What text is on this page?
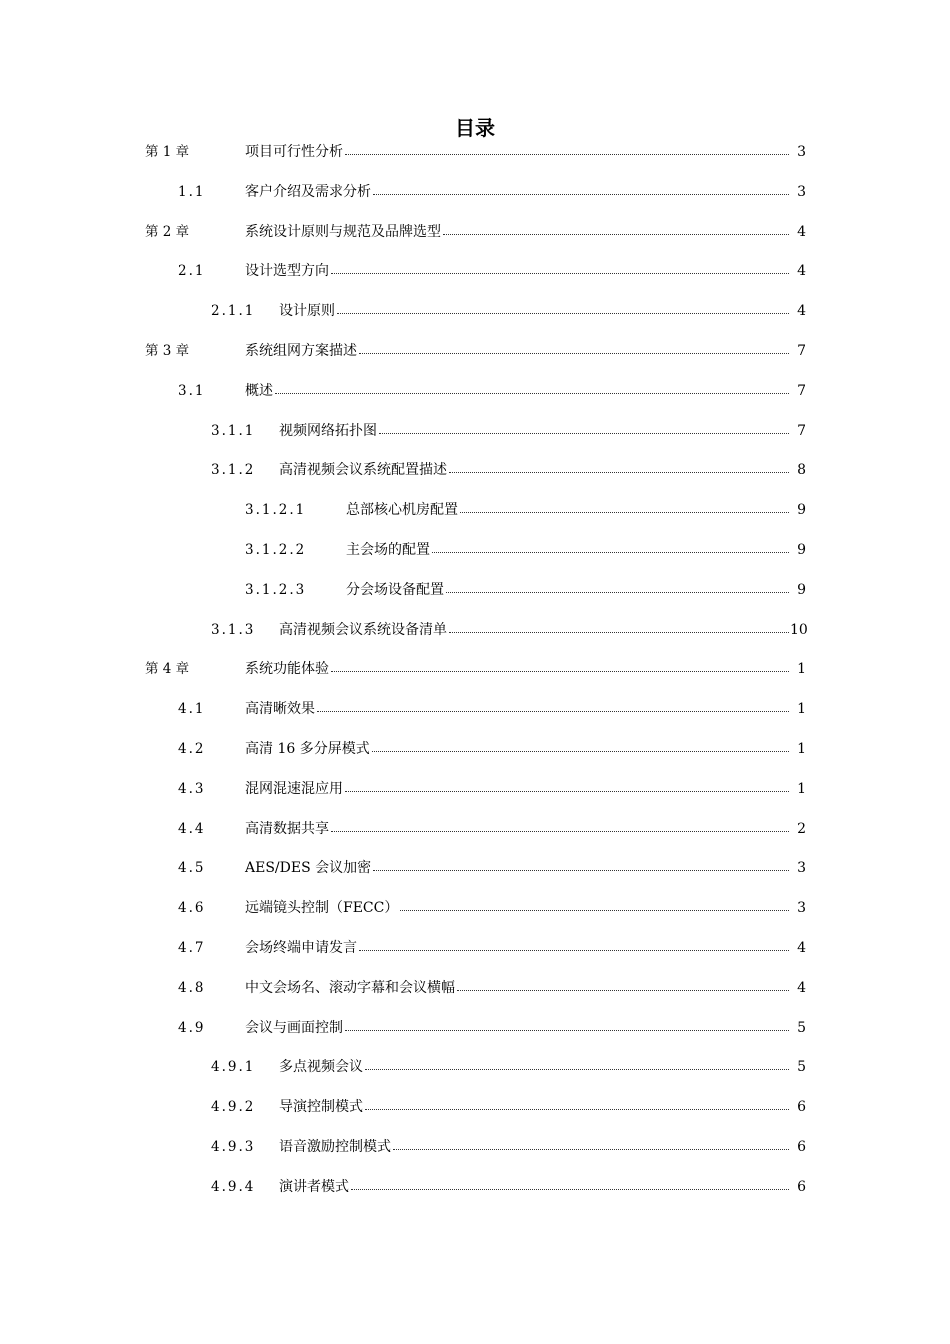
目录
第 1 章	项目可行性分析	3
1.1	客户介绍及需求分析	3
第 2 章	系统设计原则与规范及品牌选型	4
2.1	设计选型方向	4
2.1.1 设计原则	4
第 3 章	系统组网方案描述	7
3.1	概述	7
3.1.1 视频网络拓扑图	7
3.1.2 高清视频会议系统配置描述	8
3.1.2.1	总部核心机房配置	9
3.1.2.2	主会场的配置	9
3.1.2.3	分会场设备配置	9
3.1.3 高清视频会议系统设备清单	10
第 4 章	系统功能体验	1
4.1	高清晰效果	1
4.2	高清 16 多分屏模式	1
4.3	混网混速混应用	1
4.4	高清数据共享	2
4.5	AES/DES 会议加密	3
4.6	远端镜头控制（FECC）	3
4.7	会场终端申请发言	4
4.8	中文会场名、滚动字幕和会议横幅	4
4.9	会议与画面控制	5
4.9.1 多点视频会议	5
4.9.2 导演控制模式	6
4.9.3 语音激励控制模式	6
4.9.4 演讲者模式	6
